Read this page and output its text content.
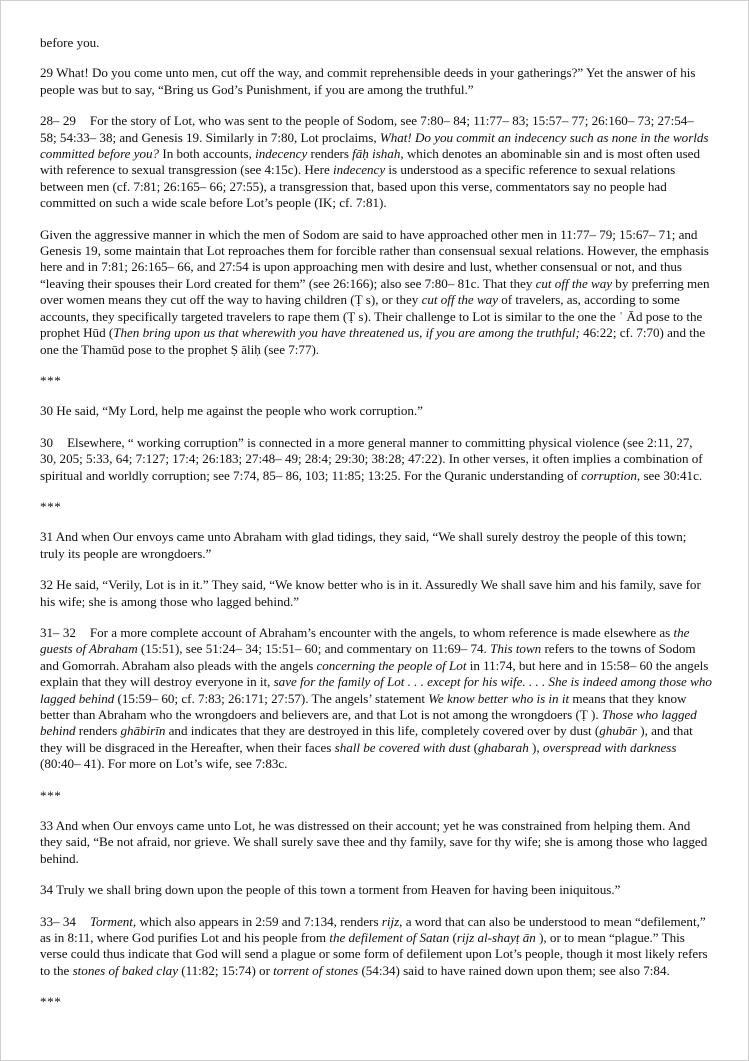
before you.

29 What! Do you come unto men, cut off the way, and commit reprehensible deeds in your gatherings?” Yet the answer of his people was but to say, “Bring us God’s Punishment, if you are among the truthful.”

28– 29 For the story of Lot, who was sent to the people of Sodom, see 7:80– 84; 11:77– 83; 15:57– 77; 26:160– 73; 27:54– 58; 54:33– 38; and Genesis 19. Similarly in 7:80, Lot proclaims, What! Do you commit an indecency such as none in the worlds committed before you? In both accounts, indecency renders fāḥ ishah, which denotes an abominable sin and is most often used with reference to sexual transgression (see 4:15c). Here indecency is understood as a specific reference to sexual relations between men (cf. 7:81; 26:165– 66; 27:55), a transgression that, based upon this verse, commentators say no people had committed on such a wide scale before Lot’s people (IK; cf. 7:81).

Given the aggressive manner in which the men of Sodom are said to have approached other men in 11:77– 79; 15:67– 71; and Genesis 19, some maintain that Lot reproaches them for forcible rather than consensual sexual relations. However, the emphasis here and in 7:81; 26:165– 66, and 27:54 is upon approaching men with desire and lust, whether consensual or not, and thus “leaving their spouses their Lord created for them” (see 26:166); also see 7:80– 81c. That they cut off the way by preferring men over women means they cut off the way to having children (Ṭ s), or they cut off the way of travelers, as, according to some accounts, they specifically targeted travelers to rape them (Ṭ s). Their challenge to Lot is similar to the one the ʿ Ād pose to the prophet Hūd (Then bring upon us that wherewith you have threatened us, if you are among the truthful; 46:22; cf. 7:70) and the one the Thamūd pose to the prophet Ṣ āliḥ (see 7:77).

***

30 He said, “My Lord, help me against the people who work corruption.”

30 Elsewhere, “ working corruption” is connected in a more general manner to committing physical violence (see 2:11, 27, 30, 205; 5:33, 64; 7:127; 17:4; 26:183; 27:48– 49; 28:4; 29:30; 38:28; 47:22). In other verses, it often implies a combination of spiritual and worldly corruption; see 7:74, 85– 86, 103; 11:85; 13:25. For the Quranic understanding of corruption, see 30:41c.

***

31 And when Our envoys came unto Abraham with glad tidings, they said, “We shall surely destroy the people of this town; truly its people are wrongdoers.”

32 He said, “Verily, Lot is in it.” They said, “We know better who is in it. Assuredly We shall save him and his family, save for his wife; she is among those who lagged behind.”

31– 32 For a more complete account of Abraham’s encounter with the angels, to whom reference is made elsewhere as the guests of Abraham (15:51), see 51:24– 34; 15:51– 60; and commentary on 11:69– 74. This town refers to the towns of Sodom and Gomorrah. Abraham also pleads with the angels concerning the people of Lot in 11:74, but here and in 15:58– 60 the angels explain that they will destroy everyone in it, save for the family of Lot . . . except for his wife. . . . She is indeed among those who lagged behind (15:59– 60; cf. 7:83; 26:171; 27:57). The angels’ statement We know better who is in it means that they know better than Abraham who the wrongdoers and believers are, and that Lot is not among the wrongdoers (Ṭ ). Those who lagged behind renders ghābirīn and indicates that they are destroyed in this life, completely covered over by dust (ghubār ), and that they will be disgraced in the Hereafter, when their faces shall be covered with dust (ghabarah ), overspread with darkness (80:40– 41). For more on Lot’s wife, see 7:83c.

***

33 And when Our envoys came unto Lot, he was distressed on their account; yet he was constrained from helping them. And they said, “Be not afraid, nor grieve. We shall surely save thee and thy family, save for thy wife; she is among those who lagged behind.

34 Truly we shall bring down upon the people of this town a torment from Heaven for having been iniquitous.”

33– 34 Torment, which also appears in 2:59 and 7:134, renders rijz, a word that can also be understood to mean “defilement,” as in 8:11, where God purifies Lot and his people from the defilement of Satan (rijz al-shayṭ ān ), or to mean “plague.” This verse could thus indicate that God will send a plague or some form of defilement upon Lot’s people, though it most likely refers to the stones of baked clay (11:82; 15:74) or torrent of stones (54:34) said to have rained down upon them; see also 7:84.

***
